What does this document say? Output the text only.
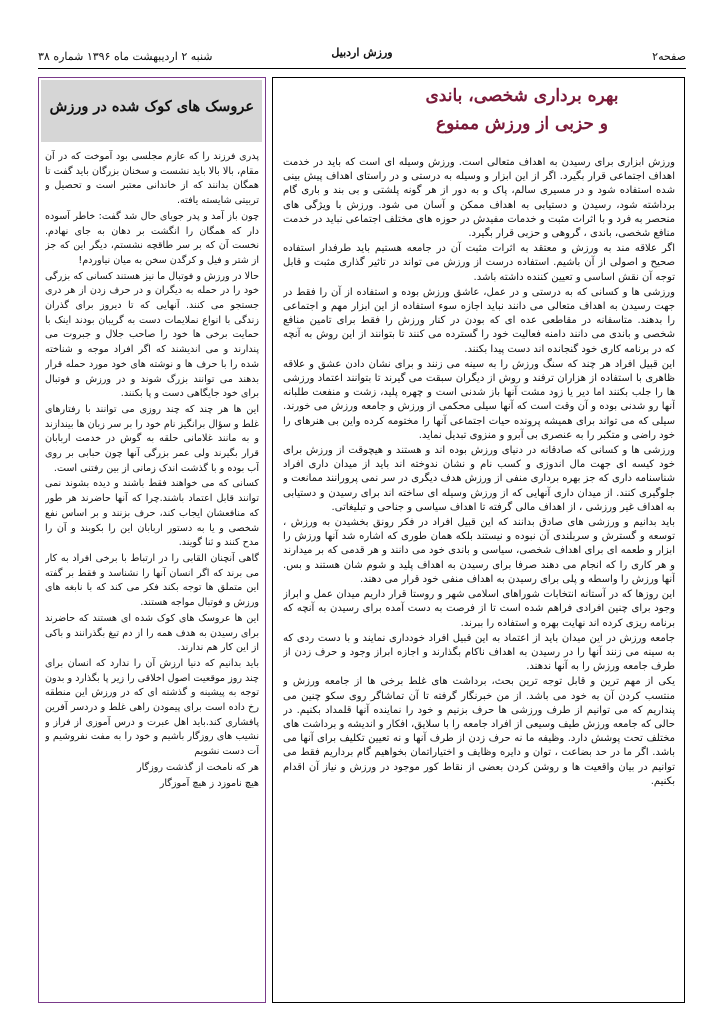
صفحه۲
ورزش اردبیل
شنبه ۲ اردیبهشت ماه ۱۳۹۶ شماره ۳۸
بهره برداری شخصی، باندی
و حزبی از ورزش ممنوع

ورزش ابزاری برای رسیدن به اهداف متعالی است. ورزش وسیله ای است که باید در خدمت اهداف اجتماعی قرار بگیرد. اگر از این ابزار و وسیله به درستی و در راستای اهداف پیش بینی شده استفاده شود و در مسیری سالم، پاک و به دور از هر گونه پلشتی و بی بند و باری گام برداشته شود، رسیدن و دستیابی به اهداف ممکن و آسان می شود. ورزش با ویژگی های منحصر به فرد و با اثرات مثبت و خدمات مفیدش در حوزه های مختلف اجتماعی نباید در خدمت منافع شخصی، باندی ، گروهی و حزبی قرار بگیرد.

اگر علاقه مند به ورزش و معتقد به اثرات مثبت آن در جامعه هستیم باید طرفدار استفاده صحیح و اصولی از آن باشیم. استفاده درست از ورزش می تواند در تاثیر گذاری مثبت و قابل توجه آن نقش اساسی و تعیین کننده داشته باشد.

ورزشی ها و کسانی که به درستی و در عمل، عاشق ورزش بوده و استفاده از آن را فقط در جهت رسیدن به اهداف متعالی می دانند نباید اجازه سوء استفاده از این ابزار مهم و اجتماعی را بدهند. متاسفانه در مقاطعی عده ای که بودن در کنار ورزش را فقط برای تامین منافع شخصی و باندی می دانند دامنه فعالیت خود را گسترده می کنند تا بتوانند از این روش به آنچه که در برنامه کاری خود گنجانده اند دست پیدا بکنند.

این قبیل افراد هر چند که سنگ ورزش را به سینه می زنند و برای نشان دادن عشق و علاقه ظاهری با استفاده از هزاران ترفند و روش از دیگران سبقت می گیرند تا بتوانند اعتماد ورزشی ها را جلب بکنند اما دیر یا زود مشت آنها باز شدنی است و چهره پلید، زشت و منفعت طلبانه آنها رو شدنی بوده و آن وقت است که آنها سیلی محکمی از ورزش و جامعه ورزش می خورند. سیلی که می تواند برای همیشه پرونده حیات اجتماعی آنها را مختومه کرده واین بی هنرهای را خود راضی و متکبر را به عنصری بی آبرو و منزوی تبدیل نماید.

ورزشی ها و کسانی که صادقانه در دنیای ورزش بوده اند و هستند و هیچوقت از ورزش برای خود کیسه ای جهت مال اندوزی و کسب نام و نشان ندوخته اند باید از میدان داری افراد شناسنامه داری که جز بهره برداری منفی از ورزش هدف دیگری در سر نمی پرورانند ممانعت و جلوگیری کنند. از میدان داری آنهایی که از ورزش وسیله ای ساخته اند برای رسیدن و دستیابی به اهداف غیر ورزشی ، از اهداف مالی گرفته تا اهداف سیاسی و جناحی و تبلیغاتی.

باید بدانیم و ورزشی های صادق بدانند که این قبیل افراد در فکر رونق بخشیدن به ورزش ، توسعه و گسترش و سربلندی آن نبوده و نیستند بلکه همان طوری که اشاره شد آنها ورزش را ابزار و طعمه ای برای اهداف شخصی، سیاسی و باندی خود می دانند و هر قدمی که بر میدارند و هر کاری را که انجام می دهند صرفا برای رسیدن به اهداف پلید و شوم شان هستند و بس. آنها ورزش را واسطه و پلی برای رسیدن به اهداف منفی خود قرار می دهند.

این روزها که در آستانه انتخابات شوراهای اسلامی شهر و روستا قرار داریم میدان عمل و ابراز وجود برای چنین افرادی فراهم شده است تا از فرصت به دست آمده برای رسیدن به آنچه که برنامه ریزی کرده اند نهایت بهره و استفاده را ببرند.

جامعه ورزش در این میدان باید از اعتماد به این قبیل افراد خودداری نمایند و با دست ردی که به سینه می زنند آنها را در رسیدن به اهداف ناکام بگذارند و اجازه ابراز وجود و حرف زدن از طرف جامعه ورزش را به آنها ندهند.

یکی از مهم ترین و قابل توجه ترین بحث، برداشت های غلط برخی ها از جامعه ورزش و منتسب کردن آن به خود می باشد. از من خبرنگار گرفته تا آن تماشاگر روی سکو چنین می پنداریم که می توانیم از طرف ورزشی ها حرف بزنیم و خود را نماینده آنها قلمداد بکنیم. در حالی که جامعه ورزش طیف وسیعی از افراد جامعه را با سلایق، افکار و اندیشه و برداشت های مختلف تحت پوشش دارد. وظیفه ما نه حرف زدن از طرف آنها و نه تعیین تکلیف برای آنها می باشد. اگر ما در حد بضاعت ، توان و دایره وظایف و اختیاراتمان بخواهیم گام برداریم فقط می توانیم در بیان واقعیت ها و روشن کردن بعضی از نقاط کور موجود در ورزش و نیاز آن اقدام بکنیم.

عروسک های کوک شده در ورزش

پدری فرزند را که عازم مجلسی بود آموخت که در آن مقام، بالا بالا باید نشست و سخنان بزرگان باید گفت تا همگان بدانند که از خاندانی معتبر است و تحصیل و تربیتی شایسته یافته.

چون باز آمد و پدر جویای حال شد گفت: خاطر آسوده دار که همگان را انگشت بر دهان به جای نهادم. نخست آن که بر سر طاقچه نشستم، دیگر این که جز از شتر و فیل و کرگدن سخن به میان نیاوردم!

حالا در ورزش و فوتبال ما نیز هستند کسانی که بزرگی خود را در حمله به دیگران و در حرف زدن از هر دری جستجو می کنند. آنهایی که تا دیروز برای گذران زندگی با انواع نملایمات دست به گریبان بودند اینک با حمایت برخی ها خود را صاحب جلال و جبروت می پندارند و می اندیشند که اگر افراد موجه و شناخته شده را با حرف ها و نوشته های خود مورد حمله قرار بدهند می توانند بزرگ شوند و در ورزش و فوتبال برای خود جایگاهی دست و پا بکنند.

این ها هر چند که چند روزی می توانند با رفتارهای غلط و سؤال برانگیز نام خود را بر سر زبان ها بیندازند و به مانند غلامانی حلقه به گوش در خدمت اربابان قرار بگیرند ولی عمر بزرگی آنها چون حبابی بر روی آب بوده و با گذشت اندک زمانی از بین رفتنی است.

کسانی که می خواهند فقط باشند و دیده بشوند نمی توانند قابل اعتماد باشند.چرا که آنها حاضرند هر طور که منافعشان ایجاب کند، حرف بزنند و بر اساس نفع شخصی و یا به دستور اربابان این را بکوبند و آن را مدح کنند و ثنا گویند.

گاهی آنچنان القابی را در ارتباط با برخی افراد به کار می برند که اگر انسان آنها را نشناسد و فقط بر گفته این متملق ها توجه بکند فکر می کند که با نابغه های ورزش و فوتبال مواجه هستند.

این ها عروسک های کوک شده ای هستند که حاضرند برای رسیدن به هدف همه را از دم تیغ بگذرانند و باکی از این کار هم ندارند.

باید بدانیم که دنیا ارزش آن را ندارد که انسان برای چند روز موقعیت اصول اخلاقی را زیر پا بگذارد و بدون توجه به پیشینه و گذشته ای که در ورزش این منطقه رخ داده است برای پیمودن راهی غلط و دردسر آفرین پافشاری کند.باید اهل عبرت و درس آموزی از فراز و نشیب های روزگار باشیم و خود را به مفت نفروشیم و آت دست نشویم

هر که نامخت از گذشت روزگار

هیچ ناموزد ز هیچ آموزگار
